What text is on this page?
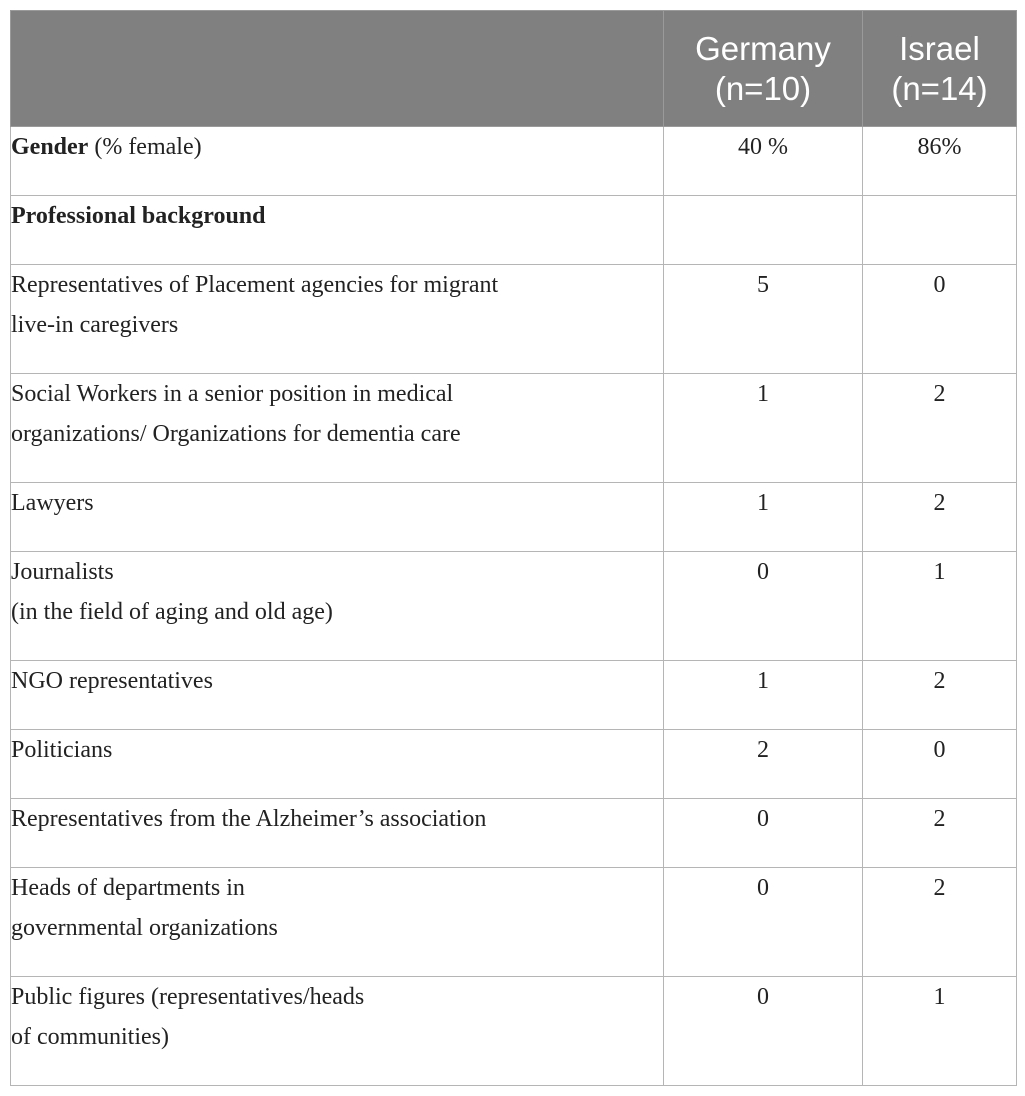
	Germany
(n=10)	Israel
(n=14)

Gender (% female)	40 %	86%
Professional background		

Representatives of Placement agencies for migrant
live-in caregivers	5	0

Social Workers in a senior position in medical
organizations/ Organizations for dementia care	1	2

Lawyers	1	2

Journalists
(in the field of aging and old age)	0	1

NGO representatives	1	2

Politicians	2	0

Representatives from the Alzheimer’s association	0	2

Heads of departments in
governmental organizations	0	2

Public figures (representatives/heads
of communities)	0	1
